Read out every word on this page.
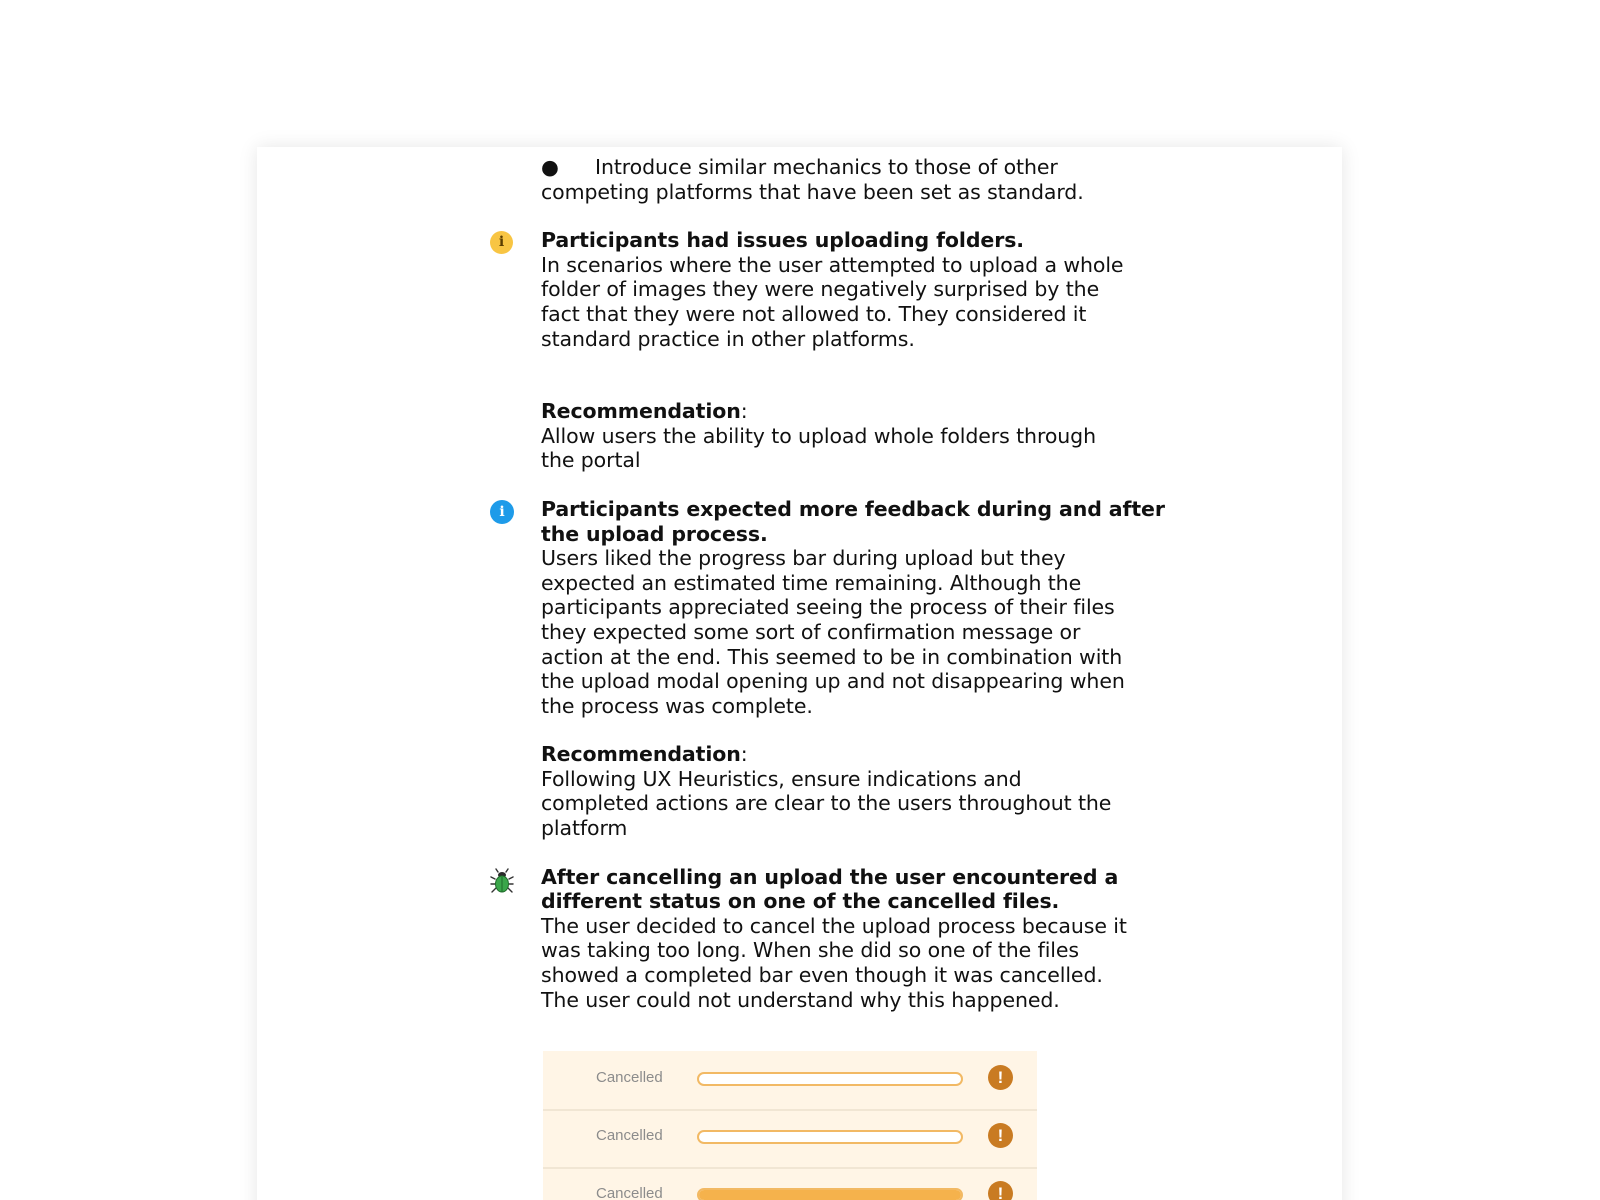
● Introduce similar mechanics to those of other
competing platforms that have been set as standard.
i	Participants had issues uploading folders.
In scenarios where the user attempted to upload a whole
folder of images they were negatively surprised by the
fact that they were not allowed to. They considered it
standard practice in other platforms.
Recommendation:
Allow users the ability to upload whole folders through
the portal
i	Participants expected more feedback during and after
the upload process.
Users liked the progress bar during upload but they
expected an estimated time remaining. Although the
participants appreciated seeing the process of their files
they expected some sort of confirmation message or
action at the end. This seemed to be in combination with
the upload modal opening up and not disappearing when
the process was complete.
Recommendation:
Following UX Heuristics, ensure indications and
completed actions are clear to the users throughout the
platform
After cancelling an upload the user encountered a
different status on one of the cancelled files.
The user decided to cancel the upload process because it
was taking too long. When she did so one of the files
showed a completed bar even though it was cancelled.
The user could not understand why this happened.
Cancelled	!
Cancelled	!
Cancelled	!
